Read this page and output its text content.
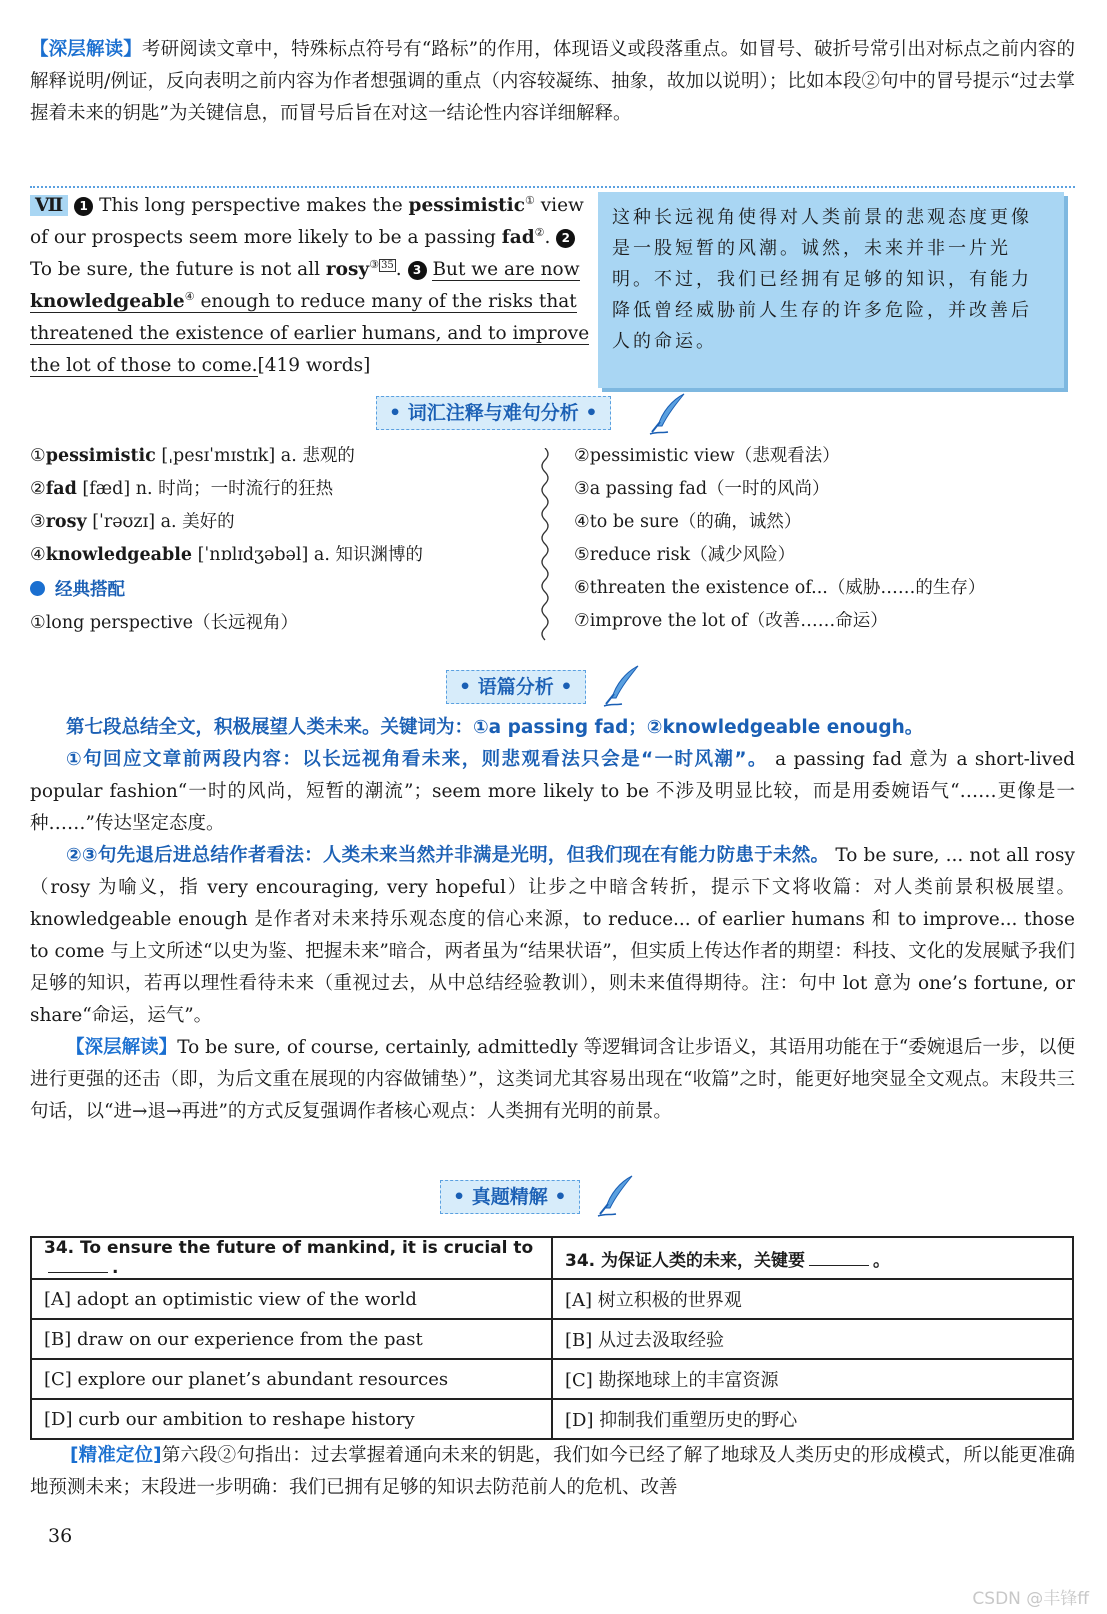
【深层解读】考研阅读文章中，特殊标点符号有“路标”的作用，体现语义或段落重点。如冒号、破折号常引出对标点之前内容的解释说明/例证，反向表明之前内容为作者想强调的重点（内容较凝练、抽象，故加以说明）；比如本段②句中的冒号提示“过去掌握着未来的钥匙”为关键信息，而冒号后旨在对这一结论性内容详细解释。

Ⅶ 1 This long perspective makes the pessimistic① view of our prospects seem more likely to be a passing fad②. 2 To be sure, the future is not all rosy③ $^{35}$ . 3 But we are now knowledgeable④ enough to reduce many of the risks that threatened the existence of earlier humans, and to improve the lot of those to come.[419 words]
这种长远视角使得对人类前景的悲观态度更像是一股短暂的风潮。诚然，未来并非一片光明。不过，我们已经拥有足够的知识，有能力降低曾经威胁前人生存的许多危险，并改善后人的命运。
• 词汇注释与难句分析 •
①pessimistic [ˌpesɪˈmɪstɪk] a. 悲观的
②fad [fæd] n. 时尚；一时流行的狂热
③rosy [ˈrəʊzɪ] a. 美好的
④knowledgeable [ˈnɒlɪdʒəbəl] a. 知识渊博的
经典搭配
①long perspective（长远视角）
②pessimistic view（悲观看法）
③a passing fad（一时的风尚）
④to be sure（的确，诚然）
⑤reduce risk（减少风险）
⑥threaten the existence of...（威胁……的生存）
⑦improve the lot of（改善……命运）
• 语篇分析 •

第七段总结全文，积极展望人类未来。关键词为：①a passing fad；②knowledgeable enough。

①句回应文章前两段内容：以长远视角看未来，则悲观看法只会是“一时风潮”。 a passing fad 意为 a short-lived popular fashion“一时的风尚，短暂的潮流”；seem more likely to be 不涉及明显比较，而是用委婉语气“……更像是一种……”传达坚定态度。

②③句先退后进总结作者看法：人类未来当然并非满是光明，但我们现在有能力防患于未然。 To be sure, ... not all rosy（rosy 为喻义，指 very encouraging, very hopeful）让步之中暗含转折，提示下文将收篇：对人类前景积极展望。knowledgeable enough 是作者对未来持乐观态度的信心来源，to reduce... of earlier humans 和 to improve... those to come 与上文所述“以史为鉴、把握未来”暗合，两者虽为“结果状语”，但实质上传达作者的期望：科技、文化的发展赋予我们足够的知识，若再以理性看待未来（重视过去，从中总结经验教训），则未来值得期待。注：句中 lot 意为 one’s fortune, or share“命运，运气”。

【深层解读】To be sure, of course, certainly, admittedly 等逻辑词含让步语义，其语用功能在于“委婉退后一步，以便进行更强的还击（即，为后文重在展现的内容做铺垫）”，这类词尤其容易出现在“收篇”之时，能更好地突显全文观点。末段共三句话，以“进→退→再进”的方式反复强调作者核心观点：人类拥有光明的前景。

• 真题精解 •
34. To ensure the future of mankind, it is crucial to.	34. 为保证人类的未来，关键要 。
[A] adopt an optimistic view of the world	[A] 树立积极的世界观
[B] draw on our experience from the past	[B] 从过去汲取经验
[C] explore our planet’s abundant resources	[C] 勘探地球上的丰富资源
[D] curb our ambition to reshape history	[D] 抑制我们重塑历史的野心

[精准定位]第六段②句指出：过去掌握着通向未来的钥匙，我们如今已经了解了地球及人类历史的形成模式，所以能更准确地预测未来；末段进一步明确：我们已拥有足够的知识去防范前人的危机、改善

36
CSDN @丰锋ff
